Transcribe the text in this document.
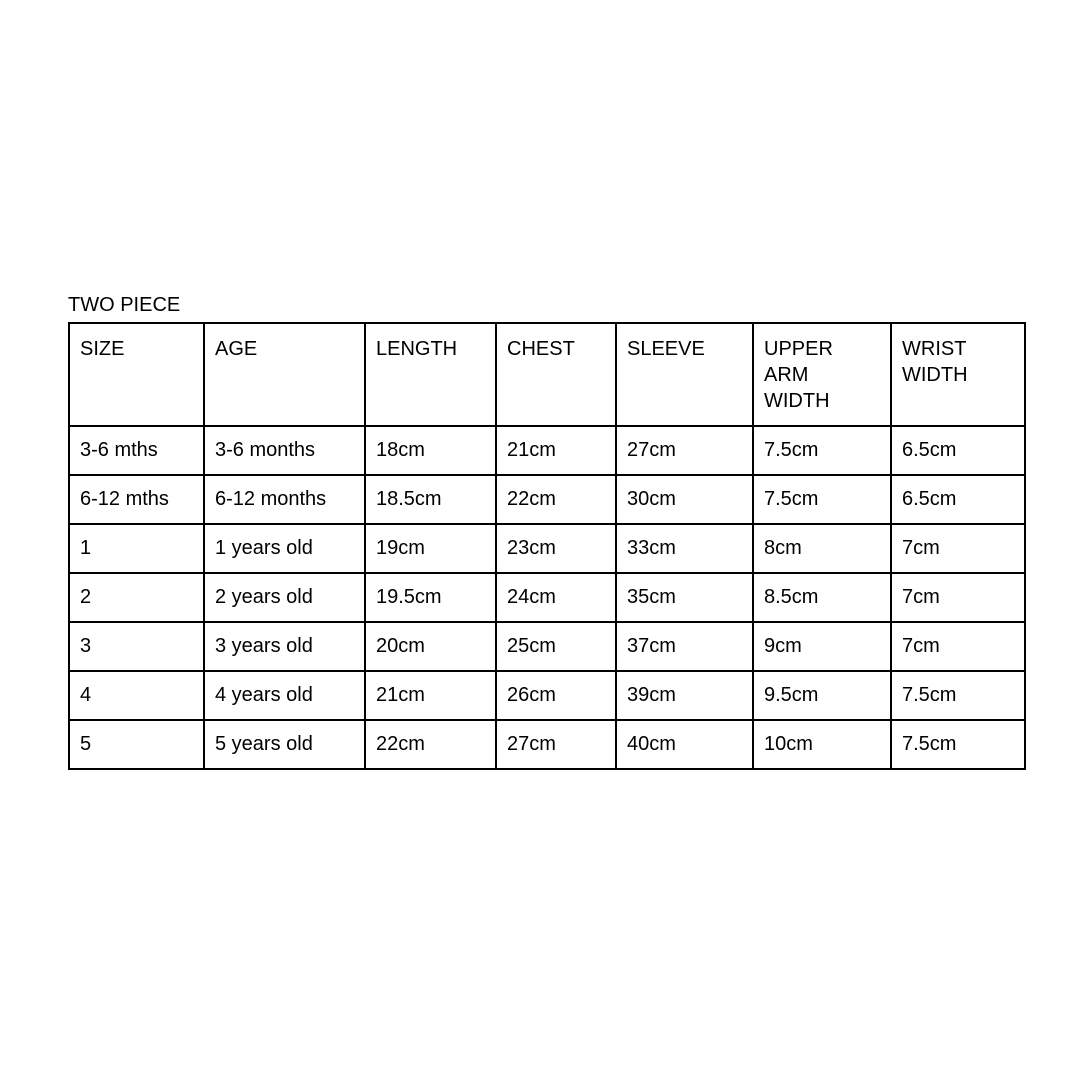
TWO PIECE
SIZE	AGE	LENGTH	CHEST	SLEEVE	UPPER ARM WIDTH	WRIST WIDTH
3-6 mths	3-6 months	18cm	21cm	27cm	7.5cm	6.5cm
6-12 mths	6-12 months	18.5cm	22cm	30cm	7.5cm	6.5cm
1	1 years old	19cm	23cm	33cm	8cm	7cm
2	2 years old	19.5cm	24cm	35cm	8.5cm	7cm
3	3 years old	20cm	25cm	37cm	9cm	7cm
4	4 years old	21cm	26cm	39cm	9.5cm	7.5cm
5	5 years old	22cm	27cm	40cm	10cm	7.5cm
